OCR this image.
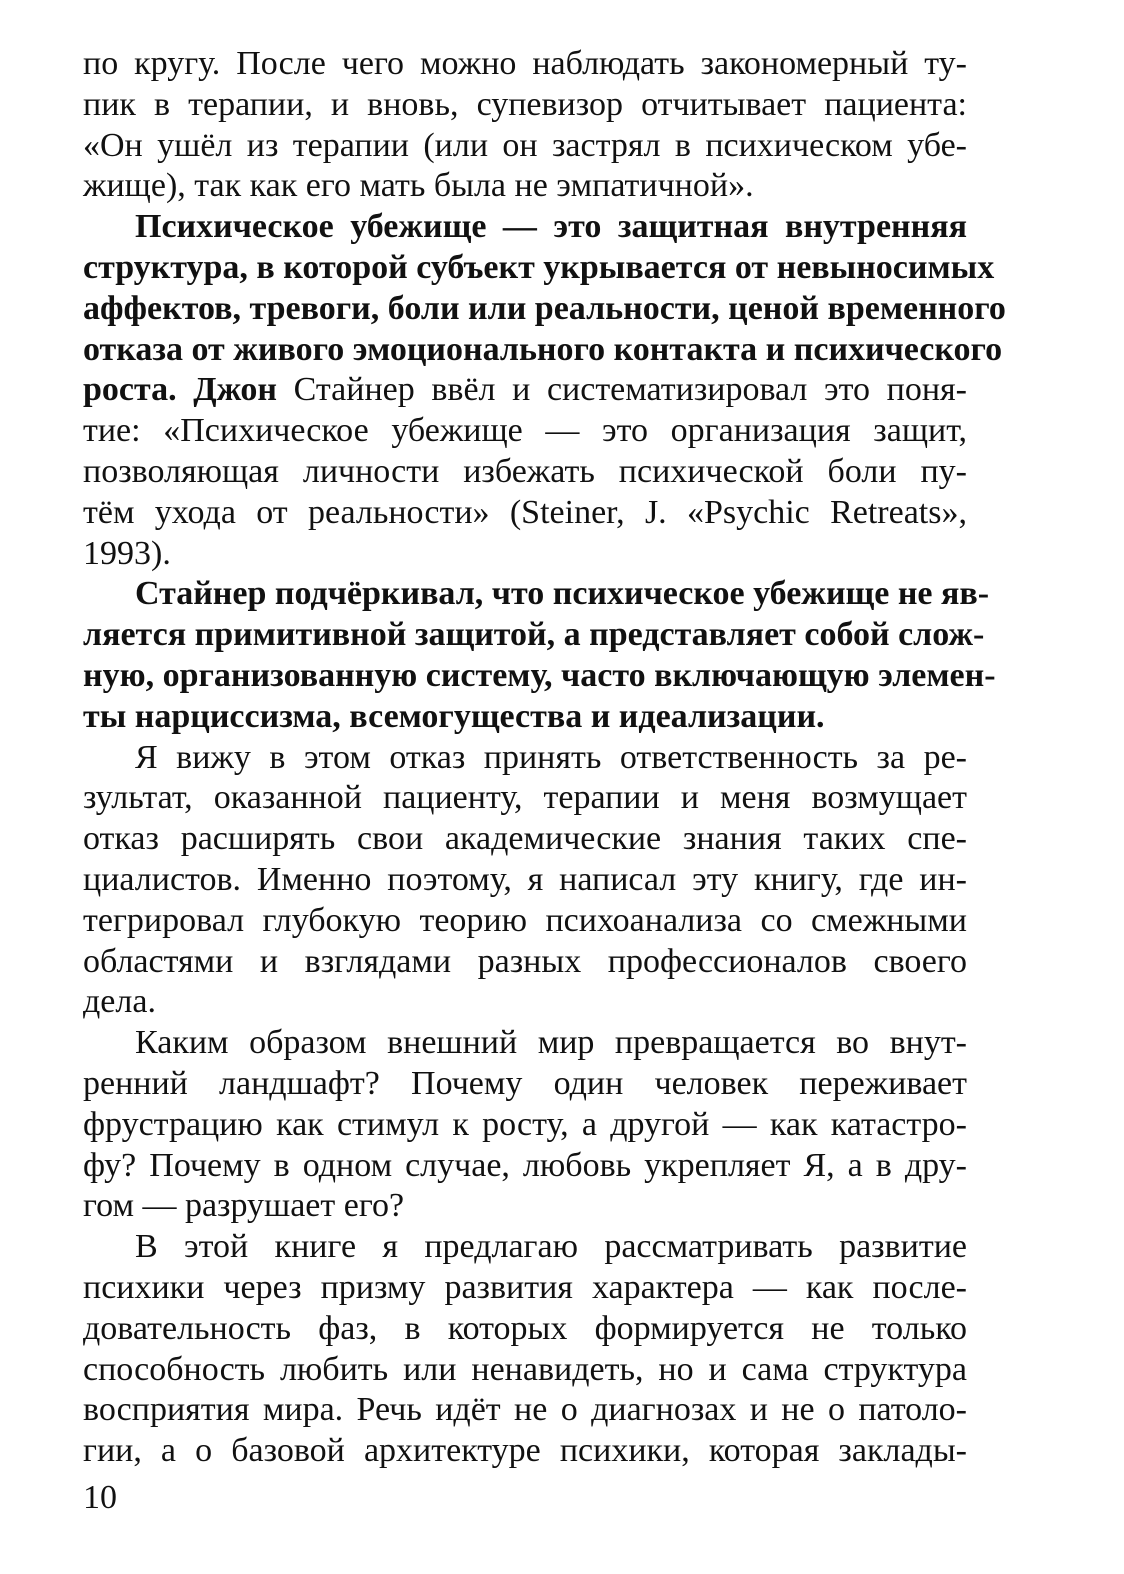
по кругу. После чего можно наблюдать закономерный ту-
пик в терапии, и вновь, супевизор отчитывает пациента:
«Он ушёл из терапии (или он застрял в психическом убе-
жище), так как его мать была не эмпатичной».
Психическое убежище — это защитная внутренняя
структура, в которой субъект укрывается от невыносимых
аффектов, тревоги, боли или реальности, ценой временного
отказа от живого эмоционального контакта и психического
роста. Джон Стайнер ввёл и систематизировал это поня-
тие: «Психическое убежище — это организация защит,
позволяющая личности избежать психической боли пу-
тём ухода от реальности» (Steiner, J. «Psychic Retreats»,
1993).
Стайнер подчёркивал, что психическое убежище не яв-
ляется примитивной защитой, а представляет собой слож-
ную, организованную систему, часто включающую элемен-
ты нарциссизма, всемогущества и идеализации.
Я вижу в этом отказ принять ответственность за ре-
зультат, оказанной пациенту, терапии и меня возмущает
отказ расширять свои академические знания таких спе-
циалистов. Именно поэтому, я написал эту книгу, где ин-
тегрировал глубокую теорию психоанализа со смежными
областями и взглядами разных профессионалов своего
дела.
Каким образом внешний мир превращается во внут-
ренний ландшафт? Почему один человек переживает
фрустрацию как стимул к росту, а другой — как катастро-
фу? Почему в одном случае, любовь укрепляет Я, а в дру-
гом — разрушает его?
В этой книге я предлагаю рассматривать развитие
психики через призму развития характера — как после-
довательность фаз, в которых формируется не только
способность любить или ненавидеть, но и сама структура
восприятия мира. Речь идёт не о диагнозах и не о патоло-
гии, а о базовой архитектуре психики, которая заклады-
10
